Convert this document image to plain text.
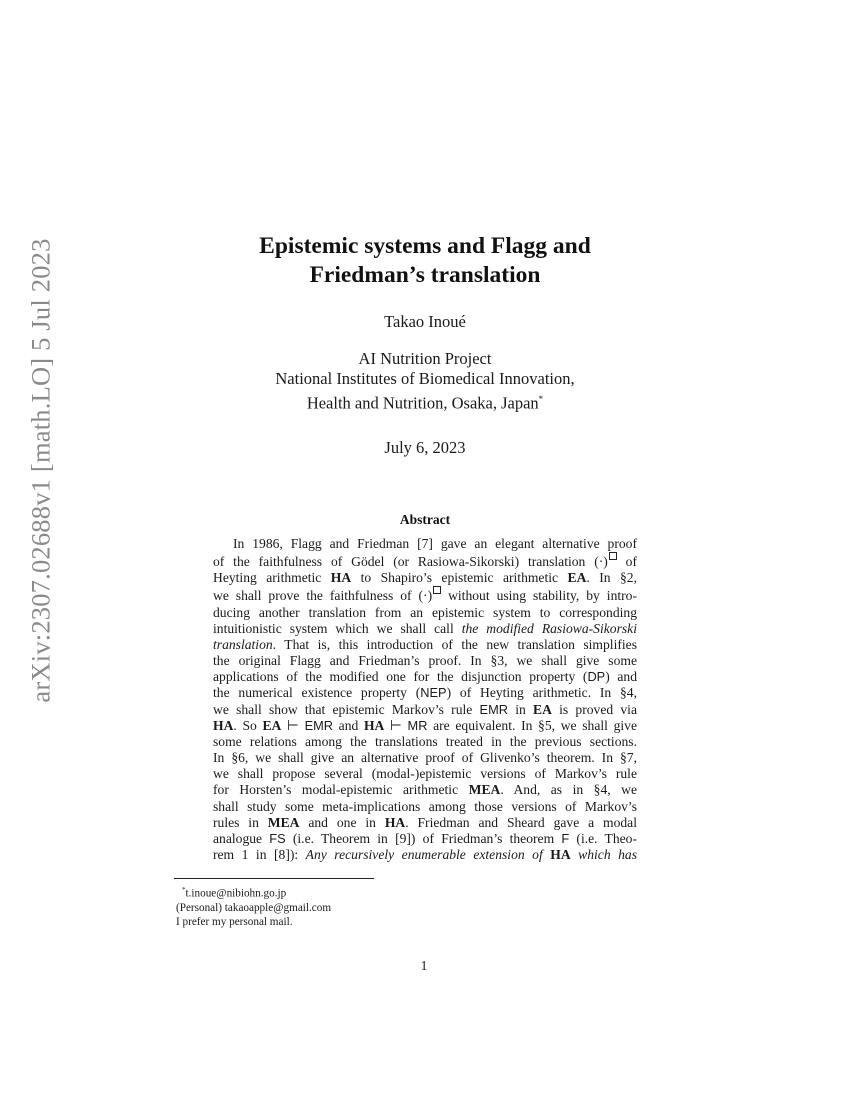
arXiv:2307.02688v1 [math.LO] 5 Jul 2023	Epistemic systems and Flagg and
Friedman’s translation
Takao Inoué
AI Nutrition Project
National Institutes of Biomedical Innovation,
Health and Nutrition, Osaka, Japan*
July 6, 2023
Abstract
In 1986, Flagg and Friedman [7] gave an elegant alternative proof
of the faithfulness of Gödel (or Rasiowa-Sikorski) translation (·) of
Heyting arithmetic HA to Shapiro’s epistemic arithmetic EA. In §2,
we shall prove the faithfulness of (·) without using stability, by intro-
ducing another translation from an epistemic system to corresponding
intuitionistic system which we shall call the modified Rasiowa-Sikorski
translation. That is, this introduction of the new translation simplifies
the original Flagg and Friedman’s proof. In §3, we shall give some
applications of the modified one for the disjunction property (DP) and
the numerical existence property (NEP) of Heyting arithmetic. In §4,
we shall show that epistemic Markov’s rule EMR in EA is proved via
HA. So EA ⊢ EMR and HA ⊢ MR are equivalent. In §5, we shall give
some relations among the translations treated in the previous sections.
In §6, we shall give an alternative proof of Glivenko’s theorem. In §7,
we shall propose several (modal-)epistemic versions of Markov’s rule
for Horsten’s modal-epistemic arithmetic MEA. And, as in §4, we
shall study some meta-implications among those versions of Markov’s
rules in MEA and one in HA. Friedman and Sheard gave a modal
analogue FS (i.e. Theorem in [9]) of Friedman’s theorem F (i.e. Theo-
rem 1 in [8]): Any recursively enumerable extension of HA which has
*t.inoue@nibiohn.go.jp
(Personal) takaoapple@gmail.com
I prefer my personal mail.
1
